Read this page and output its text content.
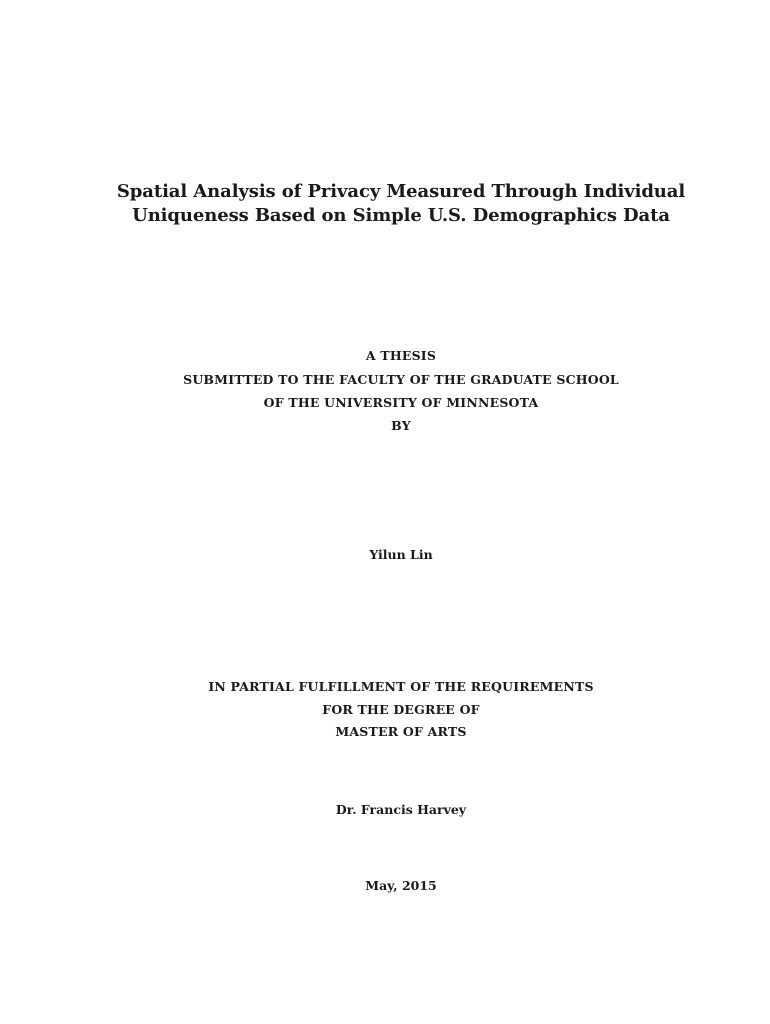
Spatial Analysis of Privacy Measured Through Individual
Uniqueness Based on Simple U.S. Demographics Data
A THESIS
SUBMITTED TO THE FACULTY OF THE GRADUATE SCHOOL
OF THE UNIVERSITY OF MINNESOTA
BY
Yilun Lin
IN PARTIAL FULFILLMENT OF THE REQUIREMENTS
FOR THE DEGREE OF
MASTER OF ARTS
Dr. Francis Harvey
May, 2015
